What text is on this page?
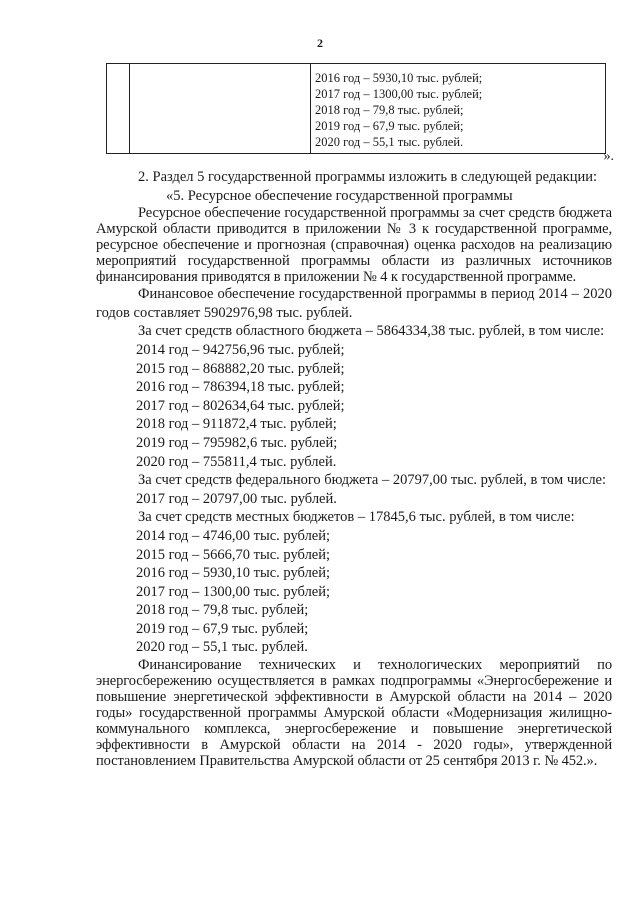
2

2016 год – 5930,10 тыс. рублей;
2017 год – 1300,00 тыс. рублей;
2018 год – 79,8 тыс. рублей;
2019 год – 67,9 тыс. рублей;
2020 год – 55,1 тыс. рублей.
».

2. Раздел 5 государственной программы изложить в следующей редакции:

«5. Ресурсное обеспечение государственной программы

Ресурсное обеспечение государственной программы за счет средств бюджета Амурской области приводится в приложении № 3 к государственной программе, ресурсное обеспечение и прогнозная (справочная) оценка расходов на реализацию мероприятий государственной программы области из различных источников финансирования приводятся в приложении № 4 к государственной программе.

Финансовое обеспечение государственной программы в период 2014 – 2020 годов составляет 5902976,98 тыс. рублей.

За счет средств областного бюджета – 5864334,38 тыс. рублей, в том числе:

2014 год – 942756,96 тыс. рублей;

2015 год – 868882,20 тыс. рублей;

2016 год – 786394,18 тыс. рублей;

2017 год – 802634,64 тыс. рублей;

2018 год – 911872,4 тыс. рублей;

2019 год – 795982,6 тыс. рублей;

2020 год – 755811,4 тыс. рублей.

За счет средств федерального бюджета – 20797,00 тыс. рублей, в том числе:

2017 год – 20797,00 тыс. рублей.

За счет средств местных бюджетов – 17845,6 тыс. рублей, в том числе:

2014 год – 4746,00 тыс. рублей;

2015 год – 5666,70 тыс. рублей;

2016 год – 5930,10 тыс. рублей;

2017 год – 1300,00 тыс. рублей;

2018 год – 79,8 тыс. рублей;

2019 год – 67,9 тыс. рублей;

2020 год – 55,1 тыс. рублей.

Финансирование технических и технологических мероприятий по энергосбережению осуществляется в рамках подпрограммы «Энергосбережение и повышение энергетической эффективности в Амурской области на 2014 – 2020 годы» государственной программы Амурской области «Модернизация жилищно-коммунального комплекса, энергосбережение и повышение энергетической эффективности в Амурской области на 2014 - 2020 годы», утвержденной постановлением Правительства Амурской области от 25 сентября 2013 г. № 452.».
